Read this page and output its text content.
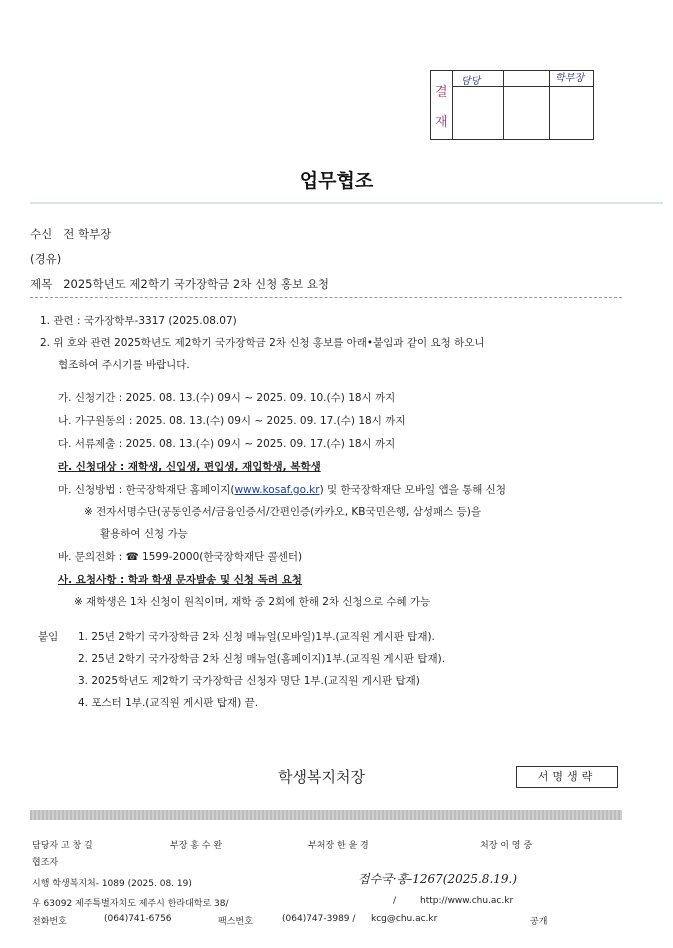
결
재
담당	학부장
업무협조
수신 전 학부장
(경유)
제목 2025학년도 제2학기 국가장학금 2차 신청 홍보 요청
1. 관련 : 국가장학부-3317 (2025.08.07)
2. 위 호와 관련 2025학년도 제2학기 국가장학금 2차 신청 홍보를 아래•붙임과 같이 요청 하오니
협조하여 주시기를 바랍니다.
가. 신청기간 : 2025. 08. 13.(수) 09시 ~ 2025. 09. 10.(수) 18시 까지
나. 가구원동의 : 2025. 08. 13.(수) 09시 ~ 2025. 09. 17.(수) 18시 까지
다. 서류제출 : 2025. 08. 13.(수) 09시 ~ 2025. 09. 17.(수) 18시 까지
라. 신청대상 : 재학생, 신입생, 편입생, 재입학생, 복학생
마. 신청방법 : 한국장학재단 홈페이지(www.kosaf.go.kr) 및 한국장학재단 모바일 앱을 통해 신청
※ 전자서명수단(공동인증서/금융인증서/간편인증(카카오, KB국민은행, 삼성패스 등)을
활용하여 신청 가능
바. 문의전화 : ☎ 1599-2000(한국장학재단 콜센터)
사. 요청사항 : 학과 학생 문자발송 및 신청 독려 요청
※ 재학생은 1차 신청이 원칙이며, 재학 중 2회에 한해 2차 신청으로 수혜 가능
붙임 1. 25년 2학기 국가장학금 2차 신청 매뉴얼(모바일)1부.(교직원 게시판 탑재).
2. 25년 2학기 국가장학금 2차 신청 매뉴얼(홈페이지)1부.(교직원 게시판 탑재).
3. 2025학년도 제2학기 국가장학금 신청자 명단 1부.(교직원 게시판 탑재)
4. 포스터 1부.(교직원 게시판 탑재) 끝.
학생복지처장	서명생략
담당자 고 창 길	부장 홍 수 완	부처장 한 윤 경	처장 이 영 중
협조자
시행 학생복지처- 1089 (2025. 08. 19)	접수국·홍-1267(2025.8.19.)
우 63092 제주특별자치도 제주시 한라대학로 38/	/	http://www.chu.ac.kr
전화번호	(064)741-6756	팩스번호	(064)747-3989 / kcg@chu.ac.kr	공개
